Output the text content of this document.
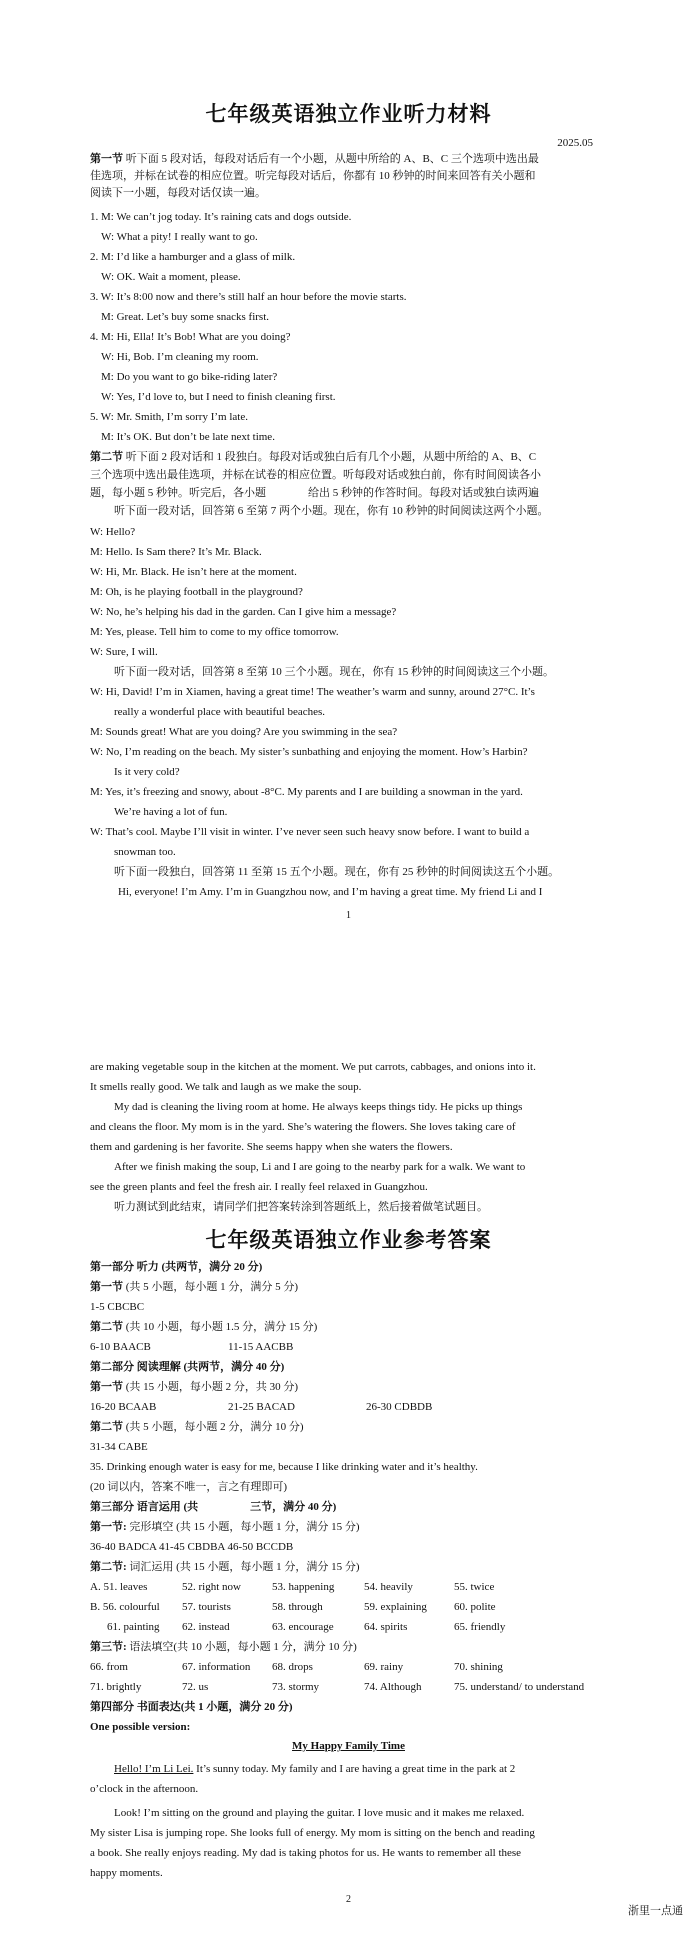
七年级英语独立作业听力材料
2025.05
第一节 听下面 5 段对话，每段对话后有一个小题，从题中所给的 A、B、C 三个选项中选出最
佳选项，并标在试卷的相应位置。听完每段对话后，你都有 10 秒钟的时间来回答有关小题和
阅读下一小题，每段对话仅读一遍。
1. M: We can’t jog today. It’s raining cats and dogs outside.
W: What a pity! I really want to go.
2. M: I’d like a hamburger and a glass of milk.
W: OK. Wait a moment, please.
3. W: It’s 8:00 now and there’s still half an hour before the movie starts.
M: Great. Let’s buy some snacks first.
4. M: Hi, Ella! It’s Bob! What are you doing?
W: Hi, Bob. I’m cleaning my room.
M: Do you want to go bike-riding later?
W: Yes, I’d love to, but I need to finish cleaning first.
5. W: Mr. Smith, I’m sorry I’m late.
M: It’s OK. But don’t be late next time.
第二节 听下面 2 段对话和 1 段独白。每段对话或独白后有几个小题，从题中所给的 A、B、C
三个选项中选出最佳选项，并标在试卷的相应位置。听每段对话或独白前，你有时间阅读各小
题，每小题 5 秒钟。听完后，各小题	给出 5 秒钟的作答时间。每段对话或独白读两遍
听下面一段对话，回答第 6 至第 7 两个小题。现在，你有 10 秒钟的时间阅读这两个小题。
W: Hello?
M: Hello. Is Sam there? It’s Mr. Black.
W: Hi, Mr. Black. He isn’t here at the moment.
M: Oh, is he playing football in the playground?
W: No, he’s helping his dad in the garden. Can I give him a message?
M: Yes, please. Tell him to come to my office tomorrow.
W: Sure, I will.
听下面一段对话，回答第 8 至第 10 三个小题。现在，你有 15 秒钟的时间阅读这三个小题。
W: Hi, David! I’m in Xiamen, having a great time! The weather’s warm and sunny, around 27°C. It’s
really a wonderful place with beautiful beaches.
M: Sounds great! What are you doing? Are you swimming in the sea?
W: No, I’m reading on the beach. My sister’s sunbathing and enjoying the moment. How’s Harbin?
Is it very cold?
M: Yes, it’s freezing and snowy, about -8°C. My parents and I are building a snowman in the yard.
We’re having a lot of fun.
W: That’s cool. Maybe I’ll visit in winter. I’ve never seen such heavy snow before. I want to build a
snowman too.
听下面一段独白，回答第 11 至第 15 五个小题。现在，你有 25 秒钟的时间阅读这五个小题。
Hi, everyone! I’m Amy. I’m in Guangzhou now, and I’m having a great time. My friend Li and I
1
are making vegetable soup in the kitchen at the moment. We put carrots, cabbages, and onions into it.
It smells really good. We talk and laugh as we make the soup.
My dad is cleaning the living room at home. He always keeps things tidy. He picks up things
and cleans the floor. My mom is in the yard. She’s watering the flowers. She loves taking care of
them and gardening is her favorite. She seems happy when she waters the flowers.
After we finish making the soup, Li and I are going to the nearby park for a walk. We want to
see the green plants and feel the fresh air. I really feel relaxed in Guangzhou.
听力测试到此结束，请同学们把答案转涂到答题纸上，然后接着做笔试题目。
七年级英语独立作业参考答案
第一部分 听力 (共两节，满分 20 分)
第一节 (共 5 小题，每小题 1 分，满分 5 分)
1-5 CBCBC
第二节 (共 10 小题，每小题 1.5 分，满分 15 分)
6-10 BAACB	11-15 AACBB
第二部分 阅读理解 (共两节，满分 40 分)
第一节 (共 15 小题，每小题 2 分，共 30 分)
16-20 BCAAB	21-25 BACAD	26-30 CDBDB
第二节 (共 5 小题，每小题 2 分，满分 10 分)
31-34 CABE
35. Drinking enough water is easy for me, because I like drinking water and it’s healthy.
(20 词以内，答案不唯一，言之有理即可)
第三部分 语言运用 (共	三节，满分 40 分)
第一节: 完形填空 (共 15 小题，每小题 1 分，满分 15 分)
36-40 BADCA 41-45 CBDBA 46-50 BCCDB
第二节: 词汇运用 (共 15 小题，每小题 1 分，满分 15 分)
A. 51. leaves	52. right now	53. happening	54. heavily	55. twice
B. 56. colourful 57. tourists	58. through	59. explaining 60. polite
61. painting 62. instead	63. encourage	64. spirits	65. friendly
第三节: 语法填空(共 10 小题，每小题 1 分，满分 10 分)
66. from	67. information 68. drops	69. rainy	70. shining
71. brightly	72. us	73. stormy	74. Although	75. understand/ to understand
第四部分 书面表达(共 1 小题，满分 20 分)
One possible version:
My Happy Family Time
Hello! I’m Li Lei. It’s sunny today. My family and I are having a great time in the park at 2
o’clock in the afternoon.
Look! I’m sitting on the ground and playing the guitar. I love music and it makes me relaxed.
My sister Lisa is jumping rope. She looks full of energy. My mom is sitting on the bench and reading
a book. She really enjoys reading. My dad is taking photos for us. He wants to remember all these
happy moments.
2
浙里一点通
